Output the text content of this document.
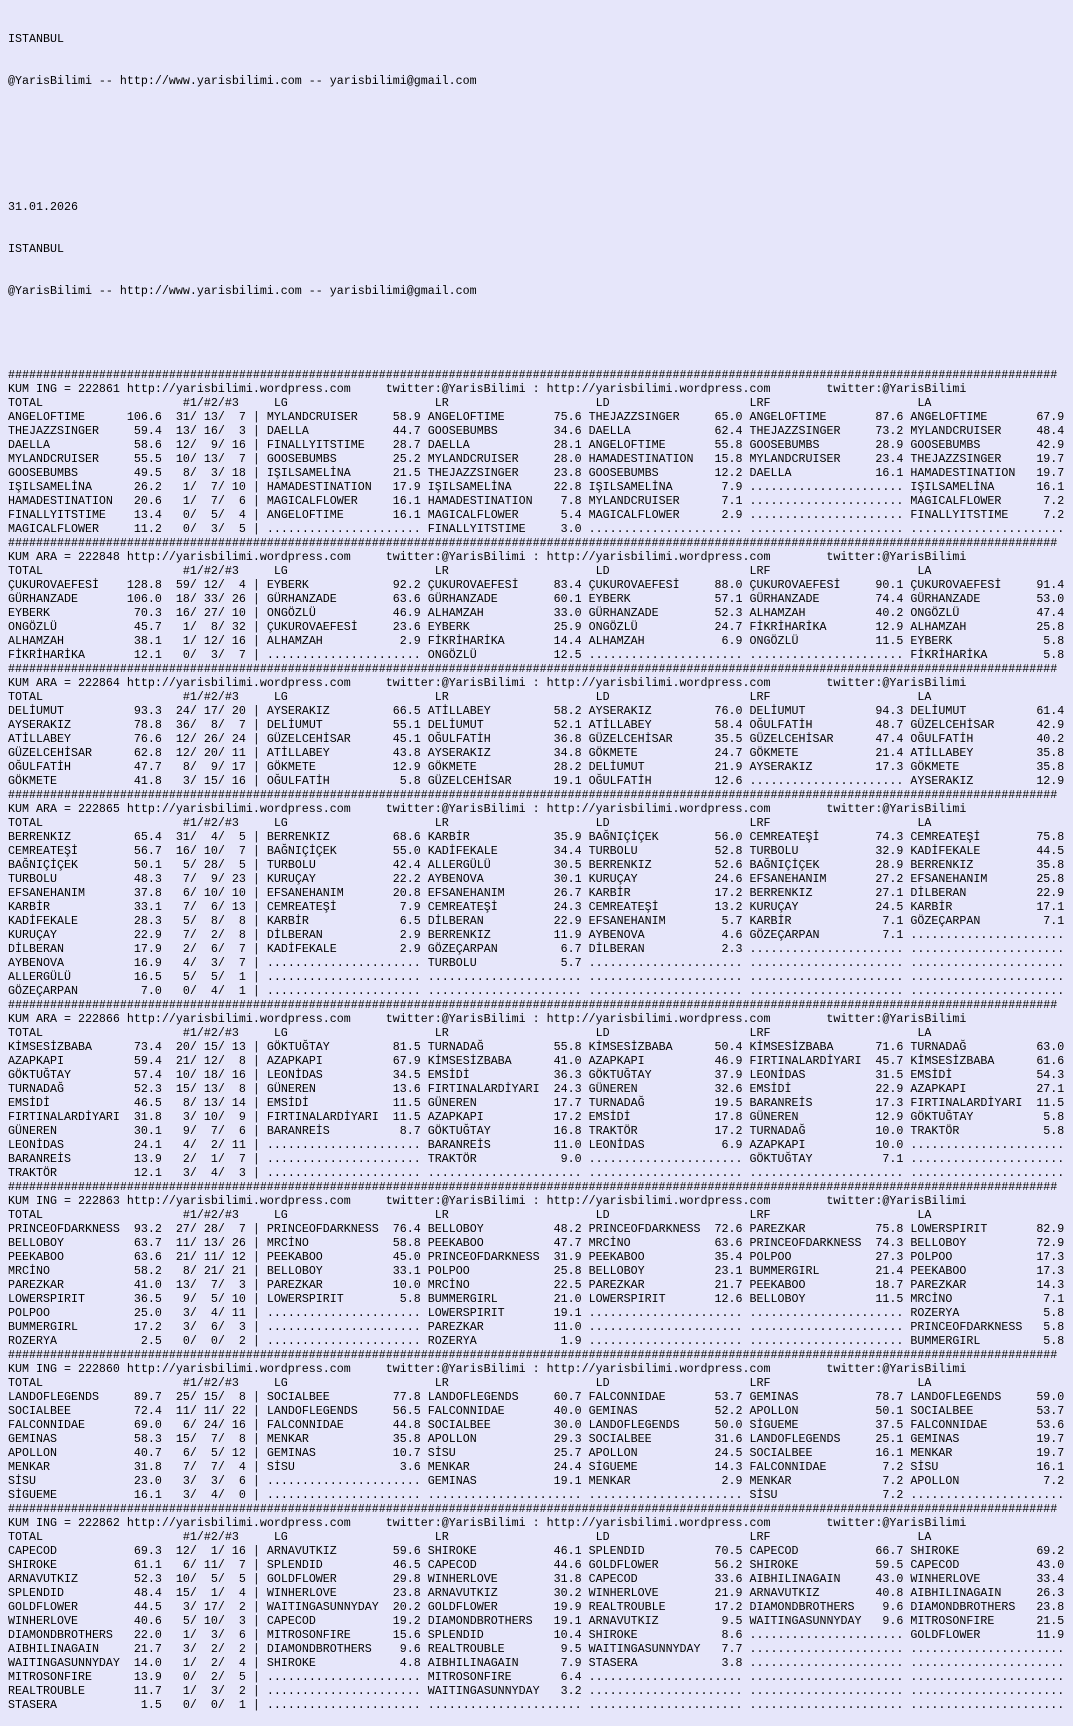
ISTANBUL

@YarisBilimi -- http://www.yarisbilimi.com -- yarisbilimi@gmail.com

31.01.2026

ISTANBUL

@YarisBilimi -- http://www.yarisbilimi.com -- yarisbilimi@gmail.com

######################################################################################################################################################
KUM ING = 222861 http://yarisbilimi.wordpress.com     twitter:@YarisBilimi : http://yarisbilimi.wordpress.com        twitter:@YarisBilimi
TOTAL                    #1/#2/#3     LG                     LR                     LD                    LRF                     LA
ANGELOFTIME      106.6  31/ 13/  7 | MYLANDCRUISER     58.9 ANGELOFTIME       75.6 THEJAZZSINGER     65.0 ANGELOFTIME       87.6 ANGELOFTIME       67.9
THEJAZZSINGER     59.4  13/ 16/  3 | DAELLA            44.7 GOOSEBUMBS        34.6 DAELLA            62.4 THEJAZZSINGER     73.2 MYLANDCRUISER     48.4
DAELLA            58.6  12/  9/ 16 | FINALLYITSTIME    28.7 DAELLA            28.1 ANGELOFTIME       55.8 GOOSEBUMBS        28.9 GOOSEBUMBS        42.9
MYLANDCRUISER     55.5  10/ 13/  7 | GOOSEBUMBS        25.2 MYLANDCRUISER     28.0 HAMADESTINATION   15.8 MYLANDCRUISER     23.4 THEJAZZSINGER     19.7
GOOSEBUMBS        49.5   8/  3/ 18 | IŞILSAMELİNA      21.5 THEJAZZSINGER     23.8 GOOSEBUMBS        12.2 DAELLA            16.1 HAMADESTINATION   19.7
IŞILSAMELİNA      26.2   1/  7/ 10 | HAMADESTINATION   17.9 IŞILSAMELİNA      22.8 IŞILSAMELİNA       7.9 ...................... IŞILSAMELİNA      16.1
HAMADESTINATION   20.6   1/  7/  6 | MAGICALFLOWER     16.1 HAMADESTINATION    7.8 MYLANDCRUISER      7.1 ...................... MAGICALFLOWER      7.2
FINALLYITSTIME    13.4   0/  5/  4 | ANGELOFTIME       16.1 MAGICALFLOWER      5.4 MAGICALFLOWER      2.9 ...................... FINALLYITSTIME     7.2
MAGICALFLOWER     11.2   0/  3/  5 | ...................... FINALLYITSTIME     3.0 ...................... ...................... ......................
######################################################################################################################################################
KUM ARA = 222848 http://yarisbilimi.wordpress.com     twitter:@YarisBilimi : http://yarisbilimi.wordpress.com        twitter:@YarisBilimi
TOTAL                    #1/#2/#3     LG                     LR                     LD                    LRF                     LA
ÇUKUROVAEFESİ    128.8  59/ 12/  4 | EYBERK            92.2 ÇUKUROVAEFESİ     83.4 ÇUKUROVAEFESİ     88.0 ÇUKUROVAEFESİ     90.1 ÇUKUROVAEFESİ     91.4
GÜRHANZADE       106.0  18/ 33/ 26 | GÜRHANZADE        63.6 GÜRHANZADE        60.1 EYBERK            57.1 GÜRHANZADE        74.4 GÜRHANZADE        53.0
EYBERK            70.3  16/ 27/ 10 | ONGÖZLÜ           46.9 ALHAMZAH          33.0 GÜRHANZADE        52.3 ALHAMZAH          40.2 ONGÖZLÜ           47.4
ONGÖZLÜ           45.7   1/  8/ 32 | ÇUKUROVAEFESİ     23.6 EYBERK            25.9 ONGÖZLÜ           24.7 FİKRİHARİKA       12.9 ALHAMZAH          25.8
ALHAMZAH          38.1   1/ 12/ 16 | ALHAMZAH           2.9 FİKRİHARİKA       14.4 ALHAMZAH           6.9 ONGÖZLÜ           11.5 EYBERK             5.8
FİKRİHARİKA       12.1   0/  3/  7 | ...................... ONGÖZLÜ           12.5 ...................... ...................... FİKRİHARİKA        5.8
######################################################################################################################################################
KUM ARA = 222864 http://yarisbilimi.wordpress.com     twitter:@YarisBilimi : http://yarisbilimi.wordpress.com        twitter:@YarisBilimi
TOTAL                    #1/#2/#3     LG                     LR                     LD                    LRF                     LA
DELİUMUT          93.3  24/ 17/ 20 | AYSERAKIZ         66.5 ATİLLABEY         58.2 AYSERAKIZ         76.0 DELİUMUT          94.3 DELİUMUT          61.4
AYSERAKIZ         78.8  36/  8/  7 | DELİUMUT          55.1 DELİUMUT          52.1 ATİLLABEY         58.4 OĞULFATİH         48.7 GÜZELCEHİSAR      42.9
ATİLLABEY         76.6  12/ 26/ 24 | GÜZELCEHİSAR      45.1 OĞULFATİH         36.8 GÜZELCEHİSAR      35.5 GÜZELCEHİSAR      47.4 OĞULFATİH         40.2
GÜZELCEHİSAR      62.8  12/ 20/ 11 | ATİLLABEY         43.8 AYSERAKIZ         34.8 GÖKMETE           24.7 GÖKMETE           21.4 ATİLLABEY         35.8
OĞULFATİH         47.7   8/  9/ 17 | GÖKMETE           12.9 GÖKMETE           28.2 DELİUMUT          21.9 AYSERAKIZ         17.3 GÖKMETE           35.8
GÖKMETE           41.8   3/ 15/ 16 | OĞULFATİH          5.8 GÜZELCEHİSAR      19.1 OĞULFATİH         12.6 ...................... AYSERAKIZ         12.9
######################################################################################################################################################
KUM ARA = 222865 http://yarisbilimi.wordpress.com     twitter:@YarisBilimi : http://yarisbilimi.wordpress.com        twitter:@YarisBilimi
TOTAL                    #1/#2/#3     LG                     LR                     LD                    LRF                     LA
BERRENKIZ         65.4  31/  4/  5 | BERRENKIZ         68.6 KARBİR            35.9 BAĞNIÇİÇEK        56.0 CEMREATEŞİ        74.3 CEMREATEŞİ        75.8
CEMREATEŞİ        56.7  16/ 10/  7 | BAĞNIÇİÇEK        55.0 KADİFEKALE        34.4 TURBOLU           52.8 TURBOLU           32.9 KADİFEKALE        44.5
BAĞNIÇİÇEK        50.1   5/ 28/  5 | TURBOLU           42.4 ALLERGÜLÜ         30.5 BERRENKIZ         52.6 BAĞNIÇİÇEK        28.9 BERRENKIZ         35.8
TURBOLU           48.3   7/  9/ 23 | KURUÇAY           22.2 AYBENOVA          30.1 KURUÇAY           24.6 EFSANEHANIM       27.2 EFSANEHANIM       25.8
EFSANEHANIM       37.8   6/ 10/ 10 | EFSANEHANIM       20.8 EFSANEHANIM       26.7 KARBİR            17.2 BERRENKIZ         27.1 DİLBERAN          22.9
KARBİR            33.1   7/  6/ 13 | CEMREATEŞİ         7.9 CEMREATEŞİ        24.3 CEMREATEŞİ        13.2 KURUÇAY           24.5 KARBİR            17.1
KADİFEKALE        28.3   5/  8/  8 | KARBİR             6.5 DİLBERAN          22.9 EFSANEHANIM        5.7 KARBİR             7.1 GÖZEÇARPAN         7.1
KURUÇAY           22.9   7/  2/  8 | DİLBERAN           2.9 BERRENKIZ         11.9 AYBENOVA           4.6 GÖZEÇARPAN         7.1 ......................
DİLBERAN          17.9   2/  6/  7 | KADİFEKALE         2.9 GÖZEÇARPAN         6.7 DİLBERAN           2.3 ...................... ......................
AYBENOVA          16.9   4/  3/  7 | ...................... TURBOLU            5.7 ...................... ...................... ......................
ALLERGÜLÜ         16.5   5/  5/  1 | ...................... ...................... ...................... ...................... ......................
GÖZEÇARPAN         7.0   0/  4/  1 | ...................... ...................... ...................... ...................... ......................
######################################################################################################################################################
KUM ARA = 222866 http://yarisbilimi.wordpress.com     twitter:@YarisBilimi : http://yarisbilimi.wordpress.com        twitter:@YarisBilimi
TOTAL                    #1/#2/#3     LG                     LR                     LD                    LRF                     LA
KİMSESİZBABA      73.4  20/ 15/ 13 | GÖKTUĞTAY         81.5 TURNADAĞ          55.8 KİMSESİZBABA      50.4 KİMSESİZBABA      71.6 TURNADAĞ          63.0
AZAPKAPI          59.4  21/ 12/  8 | AZAPKAPI          67.9 KİMSESİZBABA      41.0 AZAPKAPI          46.9 FIRTINALARDİYARI  45.7 KİMSESİZBABA      61.6
GÖKTUĞTAY         57.4  10/ 18/ 16 | LEONİDAS          34.5 EMSİDİ            36.3 GÖKTUĞTAY         37.9 LEONİDAS          31.5 EMSİDİ            54.3
TURNADAĞ          52.3  15/ 13/  8 | GÜNEREN           13.6 FIRTINALARDİYARI  24.3 GÜNEREN           32.6 EMSİDİ            22.9 AZAPKAPI          27.1
EMSİDİ            46.5   8/ 13/ 14 | EMSİDİ            11.5 GÜNEREN           17.7 TURNADAĞ          19.5 BARANREİS         17.3 FIRTINALARDİYARI  11.5
FIRTINALARDİYARI  31.8   3/ 10/  9 | FIRTINALARDİYARI  11.5 AZAPKAPI          17.2 EMSİDİ            17.8 GÜNEREN           12.9 GÖKTUĞTAY          5.8
GÜNEREN           30.1   9/  7/  6 | BARANREİS          8.7 GÖKTUĞTAY         16.8 TRAKTÖR           17.2 TURNADAĞ          10.0 TRAKTÖR            5.8
LEONİDAS          24.1   4/  2/ 11 | ...................... BARANREİS         11.0 LEONİDAS           6.9 AZAPKAPI          10.0 ......................
BARANREİS         13.9   2/  1/  7 | ...................... TRAKTÖR            9.0 ...................... GÖKTUĞTAY          7.1 ......................
TRAKTÖR           12.1   3/  4/  3 | ...................... ...................... ...................... ...................... ......................
######################################################################################################################################################
KUM ING = 222863 http://yarisbilimi.wordpress.com     twitter:@YarisBilimi : http://yarisbilimi.wordpress.com        twitter:@YarisBilimi
TOTAL                    #1/#2/#3     LG                     LR                     LD                    LRF                     LA
PRINCEOFDARKNESS  93.2  27/ 28/  7 | PRINCEOFDARKNESS  76.4 BELLOBOY          48.2 PRINCEOFDARKNESS  72.6 PAREZKAR          75.8 LOWERSPIRIT       82.9
BELLOBOY          63.7  11/ 13/ 26 | MRCİNO            58.8 PEEKABOO          47.7 MRCİNO            63.6 PRINCEOFDARKNESS  74.3 BELLOBOY          72.9
PEEKABOO          63.6  21/ 11/ 12 | PEEKABOO          45.0 PRINCEOFDARKNESS  31.9 PEEKABOO          35.4 POLPOO            27.3 POLPOO            17.3
MRCİNO            58.2   8/ 21/ 21 | BELLOBOY          33.1 POLPOO            25.8 BELLOBOY          23.1 BUMMERGIRL        21.4 PEEKABOO          17.3
PAREZKAR          41.0  13/  7/  3 | PAREZKAR          10.0 MRCİNO            22.5 PAREZKAR          21.7 PEEKABOO          18.7 PAREZKAR          14.3
LOWERSPIRIT       36.5   9/  5/ 10 | LOWERSPIRIT        5.8 BUMMERGIRL        21.0 LOWERSPIRIT       12.6 BELLOBOY          11.5 MRCİNO             7.1
POLPOO            25.0   3/  4/ 11 | ...................... LOWERSPIRIT       19.1 ...................... ...................... ROZERYA            5.8
BUMMERGIRL        17.2   3/  6/  3 | ...................... PAREZKAR          11.0 ...................... ...................... PRINCEOFDARKNESS   5.8
ROZERYA            2.5   0/  0/  2 | ...................... ROZERYA            1.9 ...................... ...................... BUMMERGIRL         5.8
######################################################################################################################################################
KUM ING = 222860 http://yarisbilimi.wordpress.com     twitter:@YarisBilimi : http://yarisbilimi.wordpress.com        twitter:@YarisBilimi
TOTAL                    #1/#2/#3     LG                     LR                     LD                    LRF                     LA
LANDOFLEGENDS     89.7  25/ 15/  8 | SOCIALBEE         77.8 LANDOFLEGENDS     60.7 FALCONNIDAE       53.7 GEMINAS           78.7 LANDOFLEGENDS     59.0
SOCIALBEE         72.4  11/ 11/ 22 | LANDOFLEGENDS     56.5 FALCONNIDAE       40.0 GEMINAS           52.2 APOLLON           50.1 SOCIALBEE         53.7
FALCONNIDAE       69.0   6/ 24/ 16 | FALCONNIDAE       44.8 SOCIALBEE         30.0 LANDOFLEGENDS     50.0 SİGUEME           37.5 FALCONNIDAE       53.6
GEMINAS           58.3  15/  7/  8 | MENKAR            35.8 APOLLON           29.3 SOCIALBEE         31.6 LANDOFLEGENDS     25.1 GEMINAS           19.7
APOLLON           40.7   6/  5/ 12 | GEMINAS           10.7 SİSU              25.7 APOLLON           24.5 SOCIALBEE         16.1 MENKAR            19.7
MENKAR            31.8   7/  7/  4 | SİSU               3.6 MENKAR            24.4 SİGUEME           14.3 FALCONNIDAE        7.2 SİSU              16.1
SİSU              23.0   3/  3/  6 | ...................... GEMINAS           19.1 MENKAR             2.9 MENKAR             7.2 APOLLON            7.2
SİGUEME           16.1   3/  4/  0 | ...................... ...................... ...................... SİSU               7.2 ......................
######################################################################################################################################################
KUM ING = 222862 http://yarisbilimi.wordpress.com     twitter:@YarisBilimi : http://yarisbilimi.wordpress.com        twitter:@YarisBilimi
TOTAL                    #1/#2/#3     LG                     LR                     LD                    LRF                     LA
CAPECOD           69.3  12/  1/ 16 | ARNAVUTKIZ        59.6 SHIROKE           46.1 SPLENDID          70.5 CAPECOD           66.7 SHIROKE           69.2
SHIROKE           61.1   6/ 11/  7 | SPLENDID          46.5 CAPECOD           44.6 GOLDFLOWER        56.2 SHIROKE           59.5 CAPECOD           43.0
ARNAVUTKIZ        52.3  10/  5/  5 | GOLDFLOWER        29.8 WINHERLOVE        31.8 CAPECOD           33.6 AIBHILINAGAIN     43.0 WINHERLOVE        33.4
SPLENDID          48.4  15/  1/  4 | WINHERLOVE        23.8 ARNAVUTKIZ        30.2 WINHERLOVE        21.9 ARNAVUTKIZ        40.8 AIBHILINAGAIN     26.3
GOLDFLOWER        44.5   3/ 17/  2 | WAITINGASUNNYDAY  20.2 GOLDFLOWER        19.9 REALTROUBLE       17.2 DIAMONDBROTHERS    9.6 DIAMONDBROTHERS   23.8
WINHERLOVE        40.6   5/ 10/  3 | CAPECOD           19.2 DIAMONDBROTHERS   19.1 ARNAVUTKIZ         9.5 WAITINGASUNNYDAY   9.6 MITROSONFIRE      21.5
DIAMONDBROTHERS   22.0   1/  3/  6 | MITROSONFIRE      15.6 SPLENDID          10.4 SHIROKE            8.6 ...................... GOLDFLOWER        11.9
AIBHILINAGAIN     21.7   3/  2/  2 | DIAMONDBROTHERS    9.6 REALTROUBLE        9.5 WAITINGASUNNYDAY   7.7 ...................... ......................
WAITINGASUNNYDAY  14.0   1/  2/  4 | SHIROKE            4.8 AIBHILINAGAIN      7.9 STASERA            3.8 ...................... ......................
MITROSONFIRE      13.9   0/  2/  5 | ...................... MITROSONFIRE       6.4 ...................... ...................... ......................
REALTROUBLE       11.7   1/  3/  2 | ...................... WAITINGASUNNYDAY   3.2 ...................... ...................... ......................
STASERA            1.5   0/  0/  1 | ...................... ...................... ...................... ...................... ......................
